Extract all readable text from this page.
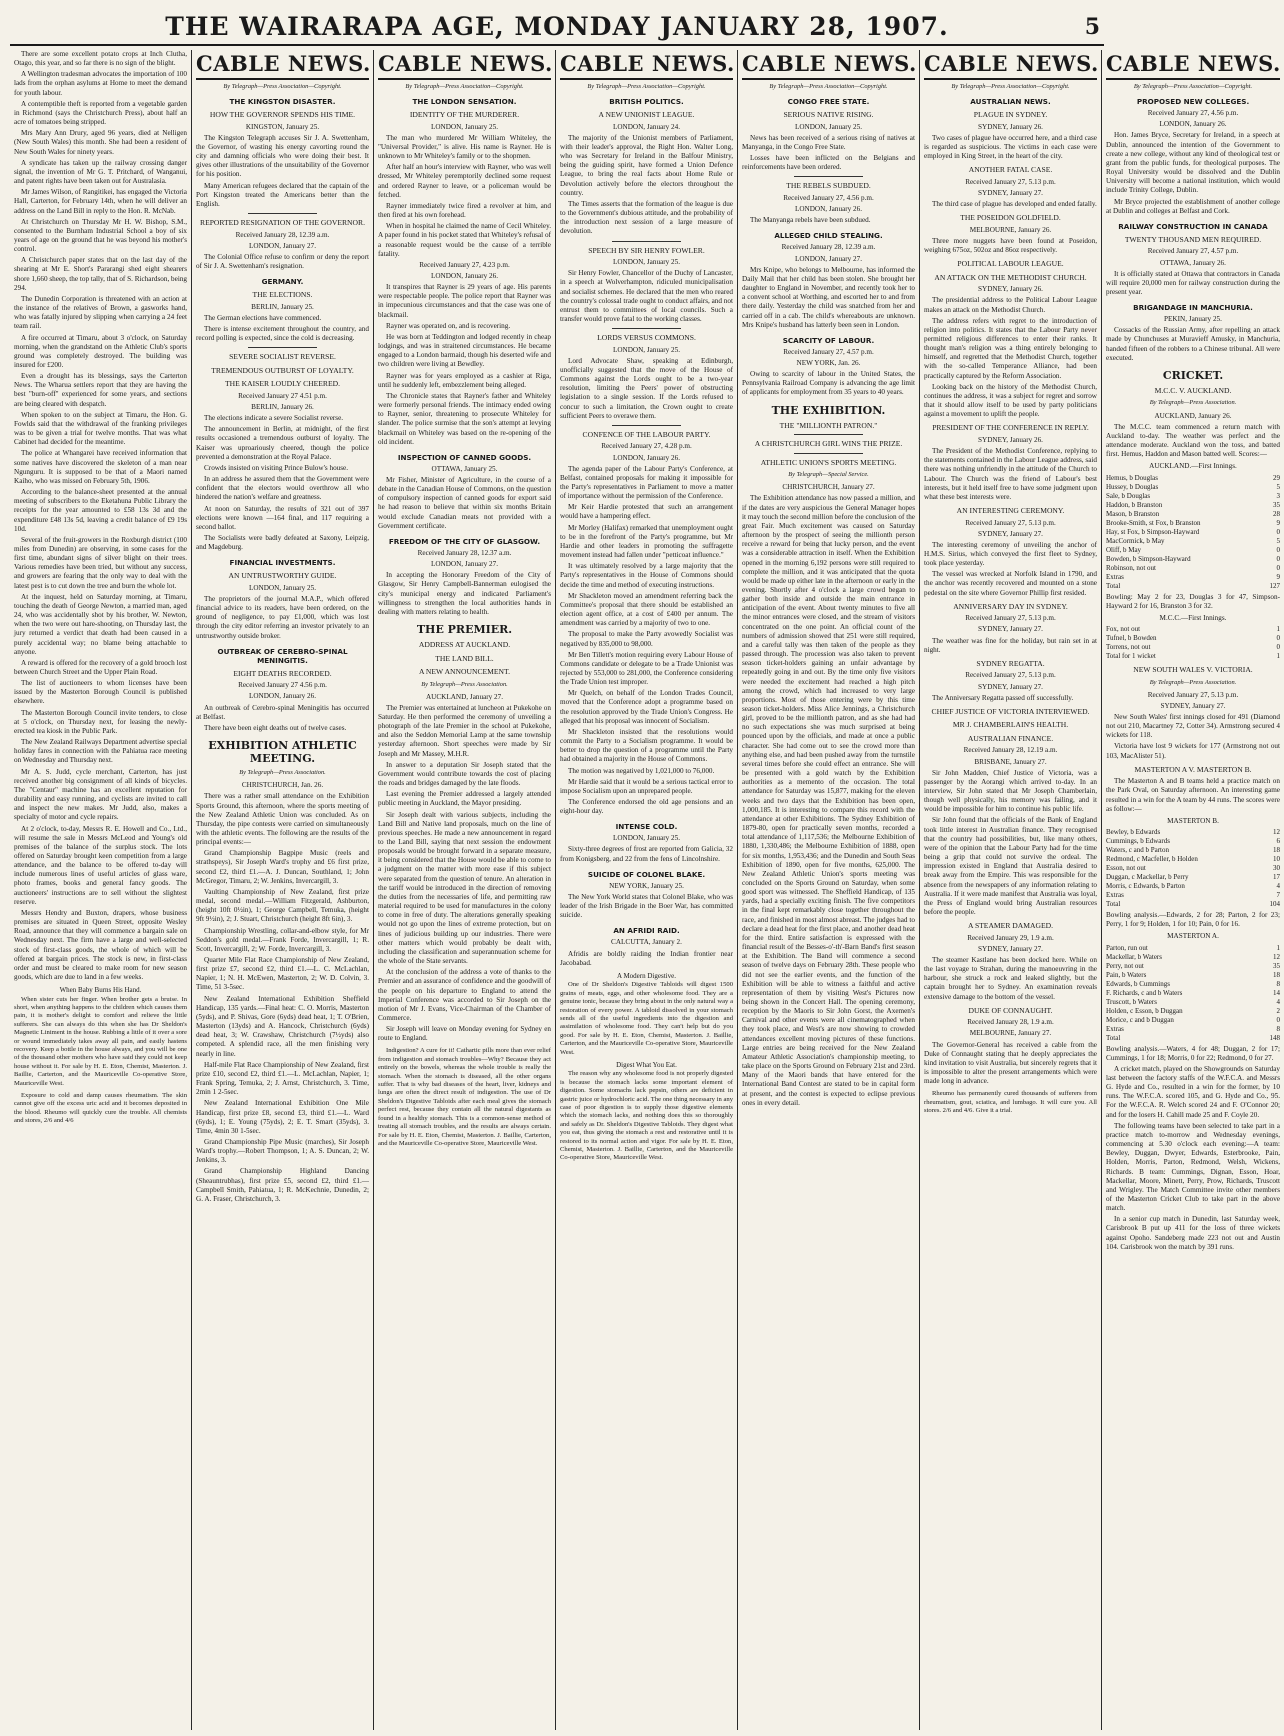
THE WAIRARAPA AGE, MONDAY JANUARY 28, 1907.	5
There are some excellent potato crops at Inch Clutha, Otago, this year, and so far there is no sign of the blight.
A Wellington tradesman advocates the importation of 100 lads from the orphan asylums at Home to meet the demand for youth labour.
A contemptible theft is reported from a vegetable garden in Richmond (says the Christchurch Press), about half an acre of tomatoes being stripped.
Mrs Mary Ann Drury, aged 96 years, died at Nelligen (New South Wales) this month. She had been a resident of New South Wales for ninety years.
A syndicate has taken up the railway crossing danger signal, the invention of Mr G. T. Pritchard, of Wanganui, and patent rights have been taken out for Australasia.
Mr James Wilson, of Rangitikei, has engaged the Victoria Hall, Carterton, for February 14th, when he will deliver an address on the Land Bill in reply to the Hon. R. McNab.
At Christchurch on Thursday Mr H. W. Bishop, S.M., consented to the Burnham Industrial School a boy of six years of age on the ground that he was beyond his mother's control.
A Christchurch paper states that on the last day of the shearing at Mr E. Short's Pararangi shed eight shearers shore 1,660 sheep, the top tally, that of S. Richardson, being 294.
The Dunedin Corporation is threatened with an action at the instance of the relatives of Brown, a gasworks hand, who was fatally injured by slipping when carrying a 24 feet team rail.
A fire occurred at Timaru, about 3 o'clock, on Saturday morning, when the grandstand on the Athletic Club's sports ground was completely destroyed. The building was insured for £200.
Even a drought has its blessings, says the Carterton News. The Wharua settlers report that they are having the best "burn-off" experienced for some years, and sections are being cleared with despatch.
When spoken to on the subject at Timaru, the Hon. G. Fowlds said that the withdrawal of the franking privileges was to be given a trial for twelve months. That was what Cabinet had decided for the meantime.
The police at Whangarei have received information that some natives have discovered the skeleton of a man near Ngunguru. It is supposed to be that of a Maori named Kaiho, who was missed on February 5th, 1906.
According to the balance-sheet presented at the annual meeting of subscribers to the Eketahuna Public Library the receipts for the year amounted to £58 13s 3d and the expenditure £48 13s 5d, leaving a credit balance of £9 19s 10d.
Several of the fruit-growers in the Roxburgh district (100 miles from Dunedin) are observing, in some cases for the first time, abundant signs of silver blight on their trees. Various remedies have been tried, but without any success, and growers are fearing that the only way to deal with the latest pest is to cut down the tree and burn the whole lot.
At the inquest, held on Saturday morning, at Timaru, touching the death of George Newton, a married man, aged 24, who was accidentally shot by his brother, W. Newton, when the two were out hare-shooting, on Thursday last, the jury returned a verdict that death had been caused in a purely accidental way; no blame being attachable to anyone.
A reward is offered for the recovery of a gold brooch lost between Church Street and the Upper Plain Road.
The list of auctioneers to whom licenses have been issued by the Masterton Borough Council is published elsewhere.
The Masterton Borough Council invite tenders, to close at 5 o'clock, on Thursday next, for leasing the newly-erected tea kiosk in the Public Park.
The New Zealand Railways Department advertise special holiday fares in connection with the Pahiatua race meeting on Wednesday and Thursday next.
Mr A. S. Judd, cycle merchant, Carterton, has just received another big consignment of all kinds of bicycles. The "Centaur" machine has an excellent reputation for durability and easy running, and cyclists are invited to call and inspect the new makes. Mr Judd, also, makes a specialty of motor and cycle repairs.
At 2 o'clock, to-day, Messrs R. E. Howell and Co., Ltd., will resume the sale in Messrs McLeod and Young's old premises of the balance of the surplus stock. The lots offered on Saturday brought keen competition from a large attendance, and the balance to be offered to-day will include numerous lines of useful articles of glass ware, photo frames, books and general fancy goods. The auctioneers' instructions are to sell without the slightest reserve.
Messrs Hendry and Buxton, drapers, whose business premises are situated in Queen Street, opposite Wesley Road, announce that they will commence a bargain sale on Wednesday next. The firm have a large and well-selected stock of first-class goods, the whole of which will be offered at bargain prices. The stock is new, in first-class order and must be cleared to make room for new season goods, which are due to land in a few weeks.
When Baby Burns His Hand.
When sister cuts her finger. When brother gets a bruise. In short, when anything happens to the children which causes them pain, it is mother's delight to comfort and relieve the little sufferers. She can always do this when she has Dr Sheldon's Magnetic Liniment in the house. Rubbing a little of it over a sore or wound immediately takes away all pain, and easily hastens recovery. Keep a bottle in the house always, and you will be one of the thousand other mothers who have said they could not keep house without it. For sale by H. E. Eton, Chemist, Masterton. J. Baillie, Carterton, and the Mauriceville Co-operative Store, Mauriceville West.
Exposure to cold and damp causes rheumatism. The skin cannot give off the excess uric acid and it becomes deposited in the blood. Rheumo will quickly cure the trouble. All chemists and stores, 2/6 and 4/6
CABLE NEWS.
By Telegraph—Press Association—Copyright.
THE KINGSTON DISASTER.
HOW THE GOVERNOR SPENDS HIS TIME.
KINGSTON, January 25.
The Kingston Telegraph accuses Sir J. A. Swettenham, the Governor, of wasting his energy cavorting round the city and damning officials who were doing their best. It gives other illustrations of the unsuitability of the Governor for his position.
Many American refugees declared that the captain of the Port Kingston treated the Americans better than the English.
REPORTED RESIGNATION OF THE GOVERNOR.
Received January 28, 12.39 a.m.
LONDON, January 27.
The Colonial Office refuse to confirm or deny the report of Sir J. A. Swettenham's resignation.
GERMANY.
THE ELECTIONS.
BERLIN, January 25.
The German elections have commenced.
There is intense excitement throughout the country, and record polling is expected, since the cold is decreasing.
SEVERE SOCIALIST REVERSE.
TREMENDOUS OUTBURST OF LOYALTY.
THE KAISER LOUDLY CHEERED.
Received January 27 4.51 p.m.
BERLIN, January 26.
The elections indicate a severe Socialist reverse.
The announcement in Berlin, at midnight, of the first results occasioned a tremendous outburst of loyalty. The Kaiser was uproariously cheered, though the police prevented a demonstration at the Royal Palace.
Crowds insisted on visiting Prince Bulow's house.
In an address he assured them that the Government were confident that the electors would overthrow all who hindered the nation's welfare and greatness.
At noon on Saturday, the results of 321 out of 397 elections were known —164 final, and 117 requiring a second ballot.
The Socialists were badly defeated at Saxony, Leipzig, and Magdeburg.
FINANCIAL INVESTMENTS.
AN UNTRUSTWORTHY GUIDE.
LONDON, January 25.
The proprietors of the journal M.A.P., which offered financial advice to its readers, have been ordered, on the ground of negligence, to pay £1,000, which was lost through the city editor referring an investor privately to an untrustworthy outside broker.
OUTBREAK OF CEREBRO-SPINAL MENINGITIS.
EIGHT DEATHS RECORDED.
Received January 27 4.56 p.m.
LONDON, January 26.
An outbreak of Cerebro-spinal Meningitis has occurred at Belfast.
There have been eight deaths out of twelve cases.
EXHIBITION ATHLETIC MEETING.
By Telegraph—Press Association.
CHRISTCHURCH, Jan. 26.
There was a rather small attendance on the Exhibition Sports Ground, this afternoon, where the sports meeting of the New Zealand Athletic Union was concluded. As on Thursday, the pipe contests were carried on simultaneously with the athletic events. The following are the results of the principal events:—
Grand Championship Bagpipe Music (reels and strathspeys), Sir Joseph Ward's trophy and £6 first prize, second £2, third £1.—A. J. Duncan, Southland, 1; John McGregor, Timaru, 2; W. Jenkins, Invercargill, 3.
Vaulting Championship of New Zealand, first prize medal, second medal.—William Fitzgerald, Ashburton, (height 10ft 0½in), 1; George Campbell, Temuka, (height 9ft 9½in), 2; J. Stuart, Christchurch (height 8ft 6in), 3.
Championship Wrestling, collar-and-elbow style, for Mr Seddon's gold medal.—Frank Forde, Invercargill, 1; R. Scott, Invercargill, 2; W. Forde, Invercargill, 3.
Quarter Mile Flat Race Championship of New Zealand, first prize £7, second £2, third £1.—L. C. McLachlan, Napier, 1; N. H. McEwen, Masterton, 2; W. D. Colvin, 3. Time, 51 3-5sec.
New Zealand International Exhibition Sheffield Handicap, 135 yards.—Final heat: C. O. Morris, Masterton (5yds), and P. Shivas, Gore (6yds) dead heat, 1; T. O'Brien, Masterton (13yds) and A. Hancock, Christchurch (6yds) dead heat, 3; W. Crawshaw, Christchurch (7½yds) also competed. A splendid race, all the men finishing very nearly in line.
Half-mile Flat Race Championship of New Zealand, first prize £10, second £2, third £1.—L. McLachlan, Napier, 1; Frank Spring, Temuka, 2; J. Arnst, Christchurch, 3. Time, 2min 1 2-5sec.
New Zealand International Exhibition One Mile Handicap, first prize £8, second £3, third £1.—L. Ward (6yds), 1; E. Young (75yds), 2; E. T. Smart (35yds), 3. Time, 4min 30 1-5sec.
Grand Championship Pipe Music (marches), Sir Joseph Ward's trophy.—Robert Thompson, 1; A. S. Duncan, 2; W. Jenkins, 3.
Grand Championship Highland Dancing (Sheauntrubhas), first prize £5, second £2, third £1.—Campbell Smith, Pahiatua, 1; R. McKechnie, Dunedin, 2; G. A. Fraser, Christchurch, 3.
CABLE NEWS.
By Telegraph—Press Association—Copyright.
THE LONDON SENSATION.
IDENTITY OF THE MURDERER.
LONDON, January 25.
The man who murdered Mr William Whiteley, the "Universal Provider," is alive. His name is Rayner. He is unknown to Mr Whiteley's family or to the shopmen.
After half an hour's interview with Rayner, who was well dressed, Mr Whiteley peremptorily declined some request and ordered Rayner to leave, or a policeman would be fetched.
Rayner immediately twice fired a revolver at him, and then fired at his own forehead.
When in hospital he claimed the name of Cecil Whiteley. A paper found in his pocket stated that Whiteley's refusal of a reasonable request would be the cause of a terrible fatality.
Received January 27, 4.23 p.m.
LONDON, January 26.
It transpires that Rayner is 29 years of age. His parents were respectable people. The police report that Rayner was in impecunious circumstances and that the case was one of blackmail.
Rayner was operated on, and is recovering.
He was born at Teddington and lodged recently in cheap lodgings, and was in straitened circumstances. He became engaged to a London barmaid, though his deserted wife and two children were living at Bewdley.
Rayner was for years employed as a cashier at Riga, until he suddenly left, embezzlement being alleged.
The Chronicle states that Rayner's father and Whiteley were formerly personal friends. The intimacy ended owing to Rayner, senior, threatening to prosecute Whiteley for slander. The police surmise that the son's attempt at levying blackmail on Whiteley was based on the re-opening of the old incident.
INSPECTION OF CANNED GOODS.
OTTAWA, January 25.
Mr Fisher, Minister of Agriculture, in the course of a debate in the Canadian House of Commons, on the question of compulsory inspection of canned goods for export said he had reason to believe that within six months Britain would exclude Canadian meats not provided with a Government certificate.
FREEDOM OF THE CITY OF GLASGOW.
Received January 28, 12.37 a.m.
LONDON, January 27.
In accepting the Honorary Freedom of the City of Glasgow, Sir Henry Campbell-Bannerman eulogised the city's municipal energy and indicated Parliament's willingness to strengthen the local authorities hands in dealing with matters relating to health.
THE PREMIER.
ADDRESS AT AUCKLAND.
THE LAND BILL.
A NEW ANNOUNCEMENT.
By Telegraph—Press Association.
AUCKLAND, January 27.
The Premier was entertained at luncheon at Pukekohe on Saturday. He then performed the ceremony of unveiling a photograph of the late Premier in the school at Pukekohe, and also the Seddon Memorial Lamp at the same township yesterday afternoon. Short speeches were made by Sir Joseph and Mr Massey, M.H.R.
In answer to a deputation Sir Joseph stated that the Government would contribute towards the cost of placing the roads and bridges damaged by the late floods.
Last evening the Premier addressed a largely attended public meeting in Auckland, the Mayor presiding.
Sir Joseph dealt with various subjects, including the Land Bill and Native land proposals, much on the line of previous speeches. He made a new announcement in regard to the Land Bill, saying that next session the endowment proposals would be brought forward in a separate measure, it being considered that the House would be able to come to a judgment on the matter with more ease if this subject were separated from the question of tenure. An alteration in the tariff would be introduced in the direction of removing the duties from the necessaries of life, and permitting raw material required to be used for manufactures in the colony to come in free of duty. The alterations generally speaking would not go upon the lines of extreme protection, but on lines of judicious building up our industries. There were other matters which would probably be dealt with, including the classification and superannuation scheme for the whole of the State servants.
At the conclusion of the address a vote of thanks to the Premier and an assurance of confidence and the goodwill of the people on his departure to England to attend the Imperial Conference was accorded to Sir Joseph on the motion of Mr J. Evans, Vice-Chairman of the Chamber of Commerce.
Sir Joseph will leave on Monday evening for Sydney en route to England.
Indigestion? A cure for it! Cathartic pills more than ever relief from indigestion and stomach troubles—Why? Because they act entirely on the bowels, whereas the whole trouble is really the stomach. When the stomach is diseased, all the other organs suffer. That is why bad diseases of the heart, liver, kidneys and lungs are often the direct result of indigestion. The use of Dr Sheldon's Digestive Tabloids after each meal gives the stomach perfect rest, because they contain all the natural digestants as found in a healthy stomach. This is a common-sense method of treating all stomach troubles, and the results are always certain. For sale by H. E. Eton, Chemist, Masterton. J. Baillie, Carterton, and the Mauriceville Co-operative Store, Mauriceville West.
CABLE NEWS.
By Telegraph—Press Association—Copyright.
BRITISH POLITICS.
A NEW UNIONIST LEAGUE.
LONDON, January 24.
The majority of the Unionist members of Parliament, with their leader's approval, the Right Hon. Walter Long, who was Secretary for Ireland in the Balfour Ministry, being the guiding spirit, have formed a Union Defence League, to bring the real facts about Home Rule or Devolution actively before the electors throughout the country.
The Times asserts that the formation of the league is due to the Government's dubious attitude, and the probability of the introduction next session of a large measure of devolution.
SPEECH BY SIR HENRY FOWLER.
LONDON, January 25.
Sir Henry Fowler, Chancellor of the Duchy of Lancaster, in a speech at Wolverhampton, ridiculed municipalisation and socialist schemes. He declared that the men who reared the country's colossal trade ought to conduct affairs, and not entrust them to committees of local councils. Such a transfer would prove fatal to the working classes.
LORDS VERSUS COMMONS.
LONDON, January 25.
Lord Advocate Shaw, speaking at Edinburgh, unofficially suggested that the move of the House of Commons against the Lords ought to be a two-year resolution, limiting the Peers' power of obstructing legislation to a single session. If the Lords refused to concur to such a limitation, the Crown ought to create sufficient Peers to overawe them.
CONFENCE OF THE LABOUR PARTY.
Received January 27, 4.28 p.m.
LONDON, January 26.
The agenda paper of the Labour Party's Conference, at Belfast, contained proposals for making it impossible for the Party's representatives in Parliament to move a matter of importance without the permission of the Conference.
Mr Keir Hardie protested that such an arrangement would have a hampering effect.
Mr Morley (Halifax) remarked that unemployment ought to be in the forefront of the Party's programme, but Mr Hardie and other leaders in promoting the suffragette movement instead had fallen under "petticoat influence."
It was ultimately resolved by a large majority that the Party's representatives in the House of Commons should decide the time and method of executing instructions.
Mr Shackleton moved an amendment referring back the Committee's proposal that there should be established an election agent office, at a cost of £400 per annum. The amendment was carried by a majority of two to one.
The proposal to make the Party avowedly Socialist was negatived by 835,000 to 98,000.
Mr Ben Tillett's motion requiring every Labour House of Commons candidate or delegate to be a Trade Unionist was rejected by 553,000 to 281,000, the Conference considering the Trade Union test improper.
Mr Quelch, on behalf of the London Trades Council, moved that the Conference adopt a programme based on the resolution approved by the Trade Union's Congress. He alleged that his proposal was innocent of Socialism.
Mr Shackleton insisted that the resolutions would commit the Party to a Socialism programme. It would be better to drop the question of a programme until the Party had obtained a majority in the House of Commons.
The motion was negatived by 1,021,000 to 76,000.
Mr Hardie said that it would be a serious tactical error to impose Socialism upon an unprepared people.
The Conference endorsed the old age pensions and an eight-hour day.
INTENSE COLD.
LONDON, January 25.
Sixty-three degrees of frost are reported from Galicia, 32 from Konigsberg, and 22 from the fens of Lincolnshire.
SUICIDE OF COLONEL BLAKE.
NEW YORK, January 25.
The New York World states that Colonel Blake, who was leader of the Irish Brigade in the Boer War, has committed suicide.
AN AFRIDI RAID.
CALCUTTA, January 2.
Afridis are boldly raiding the Indian frontier near Jacobabad.
A Modern Digestive.
One of Dr Sheldon's Digestive Tabloids will digest 1500 grains of meats, eggs, and other wholesome food. They are a genuine tonic, because they bring about in the only natural way a restoration of every power. A tabloid dissolved in your stomach sends all of the useful ingredients into the digestion and assimilation of wholesome food. They can't help but do you good. For sale by H. E. Eton, Chemist, Masterton. J. Baillie, Carterton, and the Mauriceville Co-operative Store, Mauriceville West.
Digest What You Eat.
The reason why any wholesome food is not properly digested is because the stomach lacks some important element of digestion. Some stomachs lack pepsin, others are deficient in gastric juice or hydrochloric acid. The one thing necessary in any case of poor digestion is to supply those digestive elements which the stomach lacks, and nothing does this so thoroughly and safely as Dr. Sheldon's Digestive Tabloids. They digest what you eat, thus giving the stomach a rest and restorative until it is restored to its normal action and vigor. For sale by H. E. Eton, Chemist, Masterton. J. Baillie, Carterton, and the Mauriceville Co-operative Store, Mauriceville West.
CABLE NEWS.
By Telegraph—Press Association—Copyright.
CONGO FREE STATE.
SERIOUS NATIVE RISING.
LONDON, January 25.
News has been received of a serious rising of natives at Manyanga, in the Congo Free State.
Losses have been inflicted on the Belgians and reinforcements have been ordered.
THE REBELS SUBDUED.
Received January 27, 4.56 p.m.
LONDON, January 26.
The Manyanga rebels have been subdued.
ALLEGED CHILD STEALING.
Received January 28, 12.39 a.m.
LONDON, January 27.
Mrs Knipe, who belongs to Melbourne, has informed the Daily Mail that her child has been stolen. She brought her daughter to England in November, and recently took her to a convent school at Worthing, and escorted her to and from there daily. Yesterday the child was snatched from her and carried off in a cab. The child's whereabouts are unknown. Mrs Knipe's husband has latterly been seen in London.
SCARCITY OF LABOUR.
Received January 27, 4.57 p.m.
NEW YORK, Jan. 26.
Owing to scarcity of labour in the United States, the Pennsylvania Railroad Company is advancing the age limit of applicants for employment from 35 years to 40 years.
THE EXHIBITION.
THE "MILLIONTH PATRON."
A CHRISTCHURCH GIRL WINS THE PRIZE.
ATHLETIC UNION'S SPORTS MEETING.
By Telegraph—Special Service.
CHRISTCHURCH, January 27.
The Exhibition attendance has now passed a million, and if the dates are very auspicious the General Manager hopes it may touch the second million before the conclusion of the great Fair. Much excitement was caused on Saturday afternoon by the prospect of seeing the millionth person receive a reward for being that lucky person, and the event was a considerable attraction in itself. When the Exhibition opened in the morning 6,192 persons were still required to complete the million, and it was anticipated that the quota would be made up either late in the afternoon or early in the evening. Shortly after 4 o'clock a large crowd began to gather both inside and outside the main entrance in anticipation of the event. About twenty minutes to five all the minor entrances were closed, and the stream of visitors concentrated on the one point. An official count of the numbers of admission showed that 251 were still required, and a careful tally was then taken of the people as they passed through. The procession was also taken to prevent season ticket-holders gaining an unfair advantage by repeatedly going in and out. By the time only five visitors were needed the excitement had reached a high pitch among the crowd, which had increased to very large proportions. Most of those entering were by this time season ticket-holders. Miss Alice Jennings, a Christchurch girl, proved to be the millionth patron, and as she had had no such expectations she was much surprised at being pounced upon by the officials, and made at once a public character. She had come out to see the crowd more than anything else, and had been pushed away from the turnstile several times before she could effect an entrance. She will be presented with a gold watch by the Exhibition authorities as a memento of the occasion. The total attendance for Saturday was 15,877, making for the eleven weeks and two days that the Exhibition has been open, 1,000,185. It is interesting to compare this record with the attendance at other Exhibitions. The Sydney Exhibition of 1879-80, open for practically seven months, recorded a total attendance of 1,117,536; the Melbourne Exhibition of 1880, 1,330,486; the Melbourne Exhibition of 1888, open for six months, 1,953,436; and the Dunedin and South Seas Exhibition of 1890, open for five months, 625,000. The New Zealand Athletic Union's sports meeting was concluded on the Sports Ground on Saturday, when some good sport was witnessed. The Sheffield Handicap, of 135 yards, had a specially exciting finish. The five competitors in the final kept remarkably close together throughout the race, and finished in most almost abreast. The judges had to declare a dead heat for the first place, and another dead heat for the third. Entire satisfaction is expressed with the financial result of the Besses-o'-th'-Barn Band's first season at the Exhibition. The Band will commence a second season of twelve days on February 28th. These people who did not see the earlier events, and the function of the Exhibition will be able to witness a faithful and active representation of them by visiting West's Pictures now being shown in the Concert Hall. The opening ceremony, reception by the Maoris to Sir John Gorst, the Axemen's Carnival and other events were all cinematographed when they took place, and West's are now showing to crowded attendances excellent moving pictures of these functions. Large entries are being received for the New Zealand Amateur Athletic Association's championship meeting, to take place on the Sports Ground on February 21st and 23rd. Many of the Maori bands that have entered for the International Band Contest are stated to be in capital form at present, and the contest is expected to eclipse previous ones in every detail.
CABLE NEWS.
By Telegraph—Press Association—Copyright.
AUSTRALIAN NEWS.
PLAGUE IN SYDNEY.
SYDNEY, January 26.
Two cases of plague have occurred here, and a third case is regarded as suspicious. The victims in each case were employed in King Street, in the heart of the city.
ANOTHER FATAL CASE.
Received January 27, 5.13 p.m.
SYDNEY, January 27.
The third case of plague has developed and ended fatally.
THE POSEIDON GOLDFIELD.
MELBOURNE, January 26.
Three more nuggets have been found at Poseidon, weighing 675oz, 502oz and 86oz respectively.
POLITICAL LABOUR LEAGUE.
AN ATTACK ON THE METHODIST CHURCH.
SYDNEY, January 26.
The presidential address to the Political Labour League makes an attack on the Methodist Church.
The address refers with regret to the introduction of religion into politics. It states that the Labour Party never permitted religious differences to enter their ranks. It thought man's religion was a thing entirely belonging to himself, and regretted that the Methodist Church, together with the so-called Temperance Alliance, had been practically captured by the Reform Association.
Looking back on the history of the Methodist Church, continues the address, it was a subject for regret and sorrow that it should allow itself to be used by party politicians against a movement to uplift the people.
PRESIDENT OF THE CONFERENCE IN REPLY.
SYDNEY, January 26.
The President of the Methodist Conference, replying to the statements contained in the Labour League address, said there was nothing unfriendly in the attitude of the Church to Labour. The Church was the friend of Labour's best interests, but it held itself free to have some judgment upon what these best interests were.
AN INTERESTING CEREMONY.
Received January 27, 5.13 p.m.
SYDNEY, January 27.
The interesting ceremony of unveiling the anchor of H.M.S. Sirius, which conveyed the first fleet to Sydney, took place yesterday.
The vessel was wrecked at Norfolk Island in 1790, and the anchor was recently recovered and mounted on a stone pedestal on the site where Governor Phillip first resided.
ANNIVERSARY DAY IN SYDNEY.
Received January 27, 5.13 p.m.
SYDNEY, January 27.
The weather was fine for the holiday, but rain set in at night.
SYDNEY REGATTA.
Received January 27, 5.13 p.m.
SYDNEY, January 27.
The Anniversary Regatta passed off successfully.
CHIEF JUSTICE OF VICTORIA INTERVIEWED.
MR J. CHAMBERLAIN'S HEALTH.
AUSTRALIAN FINANCE.
Received January 28, 12.19 a.m.
BRISBANE, January 27.
Sir John Madden, Chief Justice of Victoria, was a passenger by the Aorangi which arrived to-day. In an interview, Sir John stated that Mr Joseph Chamberlain, though well physically, his memory was failing, and it would be impossible for him to continue his public life.
Sir John found that the officials of the Bank of England took little interest in Australian finance. They recognised that the country had possibilities, but, like many others, were of the opinion that the Labour Party had for the time being a grip that could not survive the ordeal. The impression existed in England that Australia desired to break away from the Empire. This was responsible for the absence from the newspapers of any information relating to Australia. If it were made manifest that Australia was loyal, the Press of England would bring Australian resources before the people.
A STEAMER DAMAGED.
Received January 29, 1.9 a.m.
SYDNEY, January 27.
The steamer Kastlane has been docked here. While on the last voyage to Strahan, during the manoeuvring in the harbour, she struck a rock and leaked slightly, but the captain brought her to Sydney. An examination reveals extensive damage to the bottom of the vessel.
DUKE OF CONNAUGHT.
Received January 28, 1.9 a.m.
MELBOURNE, January 27.
The Governor-General has received a cable from the Duke of Connaught stating that he deeply appreciates the kind invitation to visit Australia, but sincerely regrets that it is impossible to alter the present arrangements which were made long in advance.
Rheumo has permanently cured thousands of sufferers from rheumatism, gout, sciatica, and lumbago. It will cure you. All stores. 2/6 and 4/6. Give it a trial.
CABLE NEWS.
By Telegraph—Press Association—Copyright.
PROPOSED NEW COLLEGES.
Received January 27, 4.56 p.m.
LONDON, January 26.
Hon. James Bryce, Secretary for Ireland, in a speech at Dublin, announced the intention of the Government to create a new college, without any kind of theological test or grant from the public funds, for theological purposes. The Royal University would be dissolved and the Dublin University will become a national institution, which would include Trinity College, Dublin.
Mr Bryce projected the establishment of another college at Dublin and colleges at Belfast and Cork.
RAILWAY CONSTRUCTION IN CANADA
TWENTY THOUSAND MEN REQUIRED.
Received January 27, 4.57 p.m.
OTTAWA, January 26.
It is officially stated at Ottawa that contractors in Canada will require 20,000 men for railway construction during the present year.
BRIGANDAGE IN MANCHURIA.
PEKIN, January 25.
Cossacks of the Russian Army, after repelling an attack made by Chunchuses at Muravieff Amusky, in Manchuria, handed fifteen of the robbers to a Chinese tribunal. All were executed.
CRICKET.
M.C.C. V. AUCKLAND.
By Telegraph—Press Association.
AUCKLAND, January 26.
The M.C.C. team commenced a return match with Auckland to-day. The weather was perfect and the attendance moderate. Auckland won the toss, and batted first. Hemus, Haddon and Mason batted well. Scores:—
AUCKLAND.—First Innings.
Hemus, b Douglas	29
Hussey, b Douglas	5
Sale, b Douglas	3
Haddon, b Branston	35
Mason, b Branston	28
Brooke-Smith, st Fox, b Branston	9
Hay, st Fox, b Simpson-Hayward	0
MacCormick, b May	5
Oliff, b May	0
Bowden, b Simpson-Hayward	0
Robinson, not out	0
Extras	9
Total	127
Bowling: May 2 for 23, Douglas 3 for 47, Simpson-Hayward 2 for 16, Branston 3 for 32.
M.C.C.—First Innings.
Fox, not out	1
Tufnel, b Bowden	0
Torrens, not out	0
Total for 1 wicket	1
NEW SOUTH WALES V. VICTORIA.
By Telegraph—Press Association.
Received January 27, 5.13 p.m.
SYDNEY, January 27.
New South Wales' first innings closed for 491 (Diamond not out 210, Macartney 72, Cotter 34). Armstrong secured 4 wickets for 118.
Victoria have lost 9 wickets for 177 (Armstrong not out 103, MacAlister 51).
MASTERTON A V. MASTERTON B.
The Masterton A and B teams held a practice match on the Park Oval, on Saturday afternoon. An interesting game resulted in a win for the A team by 44 runs. The scores were as follow:—
MASTERTON B.
Bewley, b Edwards	12
Cummings, b Edwards	6
Waters, c and b Parton	18
Redmond, c Macfeller, b Holden	10
Esson, not out	30
Duggan, c Mackellar, b Perry	17
Morris, c Edwards, b Parton	4
Extras	7
Total	104
Bowling analysis.—Edwards, 2 for 28; Parton, 2 for 23; Perry, 1 for 9; Holden, 1 for 10; Pain, 0 for 16.
MASTERTON A.
Parton, run out	1
Mackellar, b Waters	12
Perry, not out	35
Pain, b Waters	18
Edwards, b Cummings	8
F. Richards, c and b Waters	14
Truscott, b Waters	4
Holden, c Esson, b Duggan	2
Morice, c and b Duggan	0
Extras	8
Total	148
Bowling analysis.—Waters, 4 for 48; Duggan, 2 for 17; Cummings, 1 for 18; Morris, 0 for 22; Redmond, 0 for 27.
A cricket match, played on the Showgrounds on Saturday last between the factory staffs of the W.F.C.A. and Messrs G. Hyde and Co., resulted in a win for the former, by 10 runs. The W.F.C.A. scored 105, and G. Hyde and Co., 95. For the W.F.C.A. R. Welch scored 24 and F. O'Connor 20; and for the losers H. Cahill made 25 and F. Coyle 20.
The following teams have been selected to take part in a practice match to-morrow and Wednesday evenings, commencing at 5.30 o'clock each evening:—A team: Bewley, Duggan, Dwyer, Edwards, Esterbrooke, Pain, Holden, Morris, Parton, Redmond, Welsh, Wickens, Richards. B team: Cummings, Dignan, Esson, Hoar, Mackellar, Moore, Minett, Perry, Prow, Richards, Truscott and Wrigley. The Match Committee invite other members of the Masterton Cricket Club to take part in the above match.
In a senior cup match in Dunedin, last Saturday week, Carisbrook B put up 411 for the loss of three wickets against Opoho. Sandeberg made 223 not out and Austin 104. Carisbrook won the match by 391 runs.
